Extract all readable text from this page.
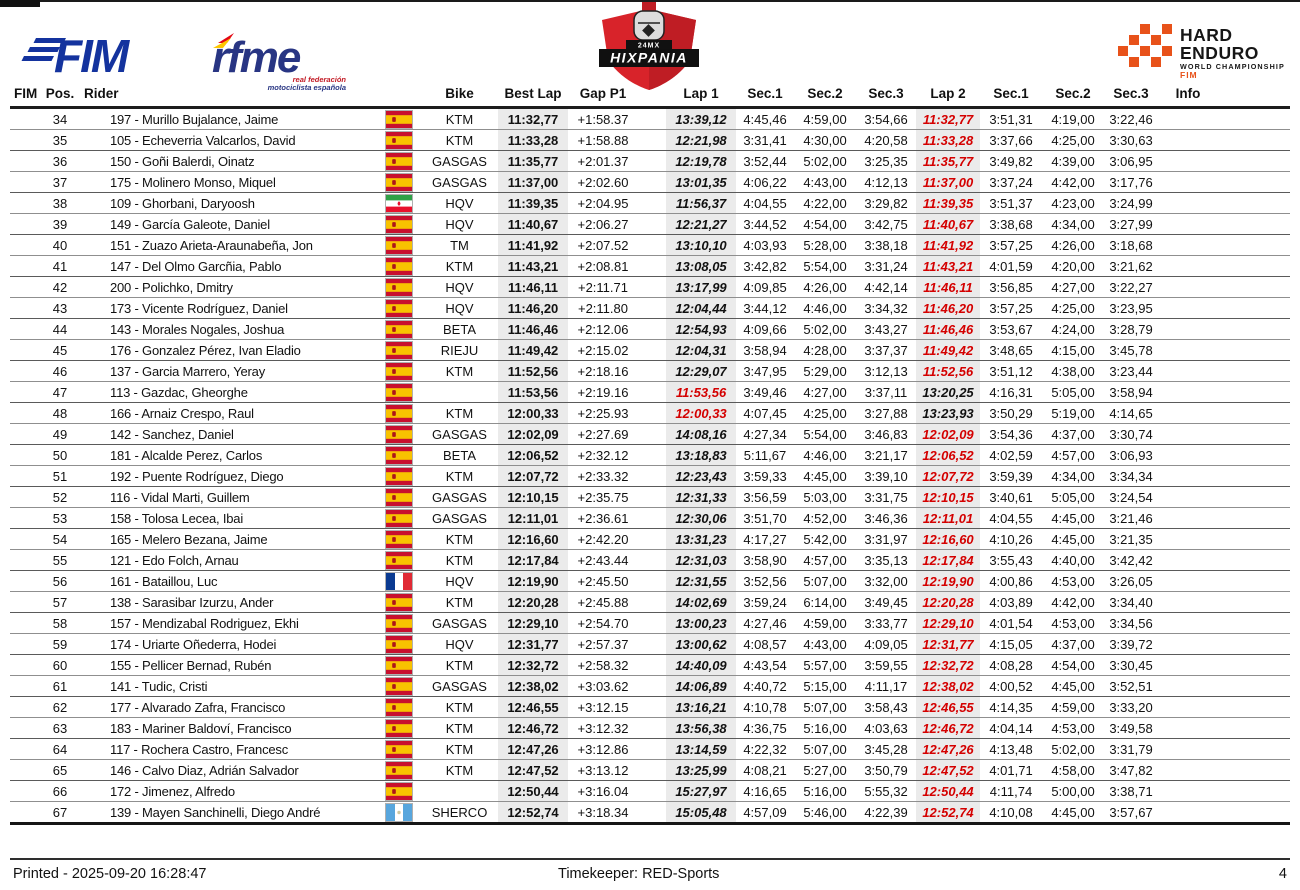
FIM rfme
real federación
motociclista española
24MX
HIXPANIA
HARD
ENDURO
WORLD CHAMPIONSHIP
FIM
FIM	Pos.	Rider		Bike	Best Lap	Gap P1		Lap 1	Sec.1	Sec.2	Sec.3	Lap 2	Sec.1	Sec.2	Sec.3	Info	
	34	197 - Murillo Bujalance, Jaime		KTM	11:32,77	+1:58.37		13:39,12	4:45,46	4:59,00	3:54,66	11:32,77	3:51,31	4:19,00	3:22,46		
	35	105 - Echeverria Valcarlos, David		KTM	11:33,28	+1:58.88		12:21,98	3:31,41	4:30,00	4:20,58	11:33,28	3:37,66	4:25,00	3:30,63		
	36	150 - Goñi Balerdi, Oinatz		GASGAS	11:35,77	+2:01.37		12:19,78	3:52,44	5:02,00	3:25,35	11:35,77	3:49,82	4:39,00	3:06,95		
	37	175 - Molinero Monso, Miquel		GASGAS	11:37,00	+2:02.60		13:01,35	4:06,22	4:43,00	4:12,13	11:37,00	3:37,24	4:42,00	3:17,76		
	38	109 - Ghorbani, Daryoosh		HQV	11:39,35	+2:04.95		11:56,37	4:04,55	4:22,00	3:29,82	11:39,35	3:51,37	4:23,00	3:24,99		
	39	149 - García Galeote, Daniel		HQV	11:40,67	+2:06.27		12:21,27	3:44,52	4:54,00	3:42,75	11:40,67	3:38,68	4:34,00	3:27,99		
	40	151 - Zuazo Arieta-Araunabeña, Jon		TM	11:41,92	+2:07.52		13:10,10	4:03,93	5:28,00	3:38,18	11:41,92	3:57,25	4:26,00	3:18,68		
	41	147 - Del Olmo Garcñia, Pablo		KTM	11:43,21	+2:08.81		13:08,05	3:42,82	5:54,00	3:31,24	11:43,21	4:01,59	4:20,00	3:21,62		
	42	200 - Polichko, Dmitry		HQV	11:46,11	+2:11.71		13:17,99	4:09,85	4:26,00	4:42,14	11:46,11	3:56,85	4:27,00	3:22,27		
	43	173 - Vicente Rodríguez, Daniel		HQV	11:46,20	+2:11.80		12:04,44	3:44,12	4:46,00	3:34,32	11:46,20	3:57,25	4:25,00	3:23,95		
	44	143 - Morales Nogales, Joshua		BETA	11:46,46	+2:12.06		12:54,93	4:09,66	5:02,00	3:43,27	11:46,46	3:53,67	4:24,00	3:28,79		
	45	176 - Gonzalez Pérez, Ivan Eladio		RIEJU	11:49,42	+2:15.02		12:04,31	3:58,94	4:28,00	3:37,37	11:49,42	3:48,65	4:15,00	3:45,78		
	46	137 - Garcia Marrero, Yeray		KTM	11:52,56	+2:18.16		12:29,07	3:47,95	5:29,00	3:12,13	11:52,56	3:51,12	4:38,00	3:23,44		
	47	113 - Gazdac, Gheorghe			11:53,56	+2:19.16		11:53,56	3:49,46	4:27,00	3:37,11	13:20,25	4:16,31	5:05,00	3:58,94		
	48	166 - Arnaiz Crespo, Raul		KTM	12:00,33	+2:25.93		12:00,33	4:07,45	4:25,00	3:27,88	13:23,93	3:50,29	5:19,00	4:14,65		
	49	142 - Sanchez, Daniel		GASGAS	12:02,09	+2:27.69		14:08,16	4:27,34	5:54,00	3:46,83	12:02,09	3:54,36	4:37,00	3:30,74		
	50	181 - Alcalde Perez, Carlos		BETA	12:06,52	+2:32.12		13:18,83	5:11,67	4:46,00	3:21,17	12:06,52	4:02,59	4:57,00	3:06,93		
	51	192 - Puente Rodríguez, Diego		KTM	12:07,72	+2:33.32		12:23,43	3:59,33	4:45,00	3:39,10	12:07,72	3:59,39	4:34,00	3:34,34		
	52	116 - Vidal Marti, Guillem		GASGAS	12:10,15	+2:35.75		12:31,33	3:56,59	5:03,00	3:31,75	12:10,15	3:40,61	5:05,00	3:24,54		
	53	158 - Tolosa Lecea, Ibai		GASGAS	12:11,01	+2:36.61		12:30,06	3:51,70	4:52,00	3:46,36	12:11,01	4:04,55	4:45,00	3:21,46		
	54	165 - Melero Bezana, Jaime		KTM	12:16,60	+2:42.20		13:31,23	4:17,27	5:42,00	3:31,97	12:16,60	4:10,26	4:45,00	3:21,35		
	55	121 - Edo Folch, Arnau		KTM	12:17,84	+2:43.44		12:31,03	3:58,90	4:57,00	3:35,13	12:17,84	3:55,43	4:40,00	3:42,42		
	56	161 - Bataillou, Luc		HQV	12:19,90	+2:45.50		12:31,55	3:52,56	5:07,00	3:32,00	12:19,90	4:00,86	4:53,00	3:26,05		
	57	138 - Sarasibar Izurzu, Ander		KTM	12:20,28	+2:45.88		14:02,69	3:59,24	6:14,00	3:49,45	12:20,28	4:03,89	4:42,00	3:34,40		
	58	157 - Mendizabal Rodriguez, Ekhi		GASGAS	12:29,10	+2:54.70		13:00,23	4:27,46	4:59,00	3:33,77	12:29,10	4:01,54	4:53,00	3:34,56		
	59	174 - Uriarte Oñederra, Hodei		HQV	12:31,77	+2:57.37		13:00,62	4:08,57	4:43,00	4:09,05	12:31,77	4:15,05	4:37,00	3:39,72		
	60	155 - Pellicer Bernad, Rubén		KTM	12:32,72	+2:58.32		14:40,09	4:43,54	5:57,00	3:59,55	12:32,72	4:08,28	4:54,00	3:30,45		
	61	141 - Tudic, Cristi		GASGAS	12:38,02	+3:03.62		14:06,89	4:40,72	5:15,00	4:11,17	12:38,02	4:00,52	4:45,00	3:52,51		
	62	177 - Alvarado Zafra, Francisco		KTM	12:46,55	+3:12.15		13:16,21	4:10,78	5:07,00	3:58,43	12:46,55	4:14,35	4:59,00	3:33,20		
	63	183 - Mariner Baldoví, Francisco		KTM	12:46,72	+3:12.32		13:56,38	4:36,75	5:16,00	4:03,63	12:46,72	4:04,14	4:53,00	3:49,58		
	64	117 - Rochera Castro, Francesc		KTM	12:47,26	+3:12.86		13:14,59	4:22,32	5:07,00	3:45,28	12:47,26	4:13,48	5:02,00	3:31,79		
	65	146 - Calvo Diaz, Adrián Salvador		KTM	12:47,52	+3:13.12		13:25,99	4:08,21	5:27,00	3:50,79	12:47,52	4:01,71	4:58,00	3:47,82		
	66	172 - Jimenez, Alfredo			12:50,44	+3:16.04		15:27,97	4:16,65	5:16,00	5:55,32	12:50,44	4:11,74	5:00,00	3:38,71		
	67	139 - Mayen Sanchinelli, Diego André		SHERCO	12:52,74	+3:18.34		15:05,48	4:57,09	5:46,00	4:22,39	12:52,74	4:10,08	4:45,00	3:57,67		
Printed - 2025-09-20 16:28:47	Timekeeper: RED-Sports	4
